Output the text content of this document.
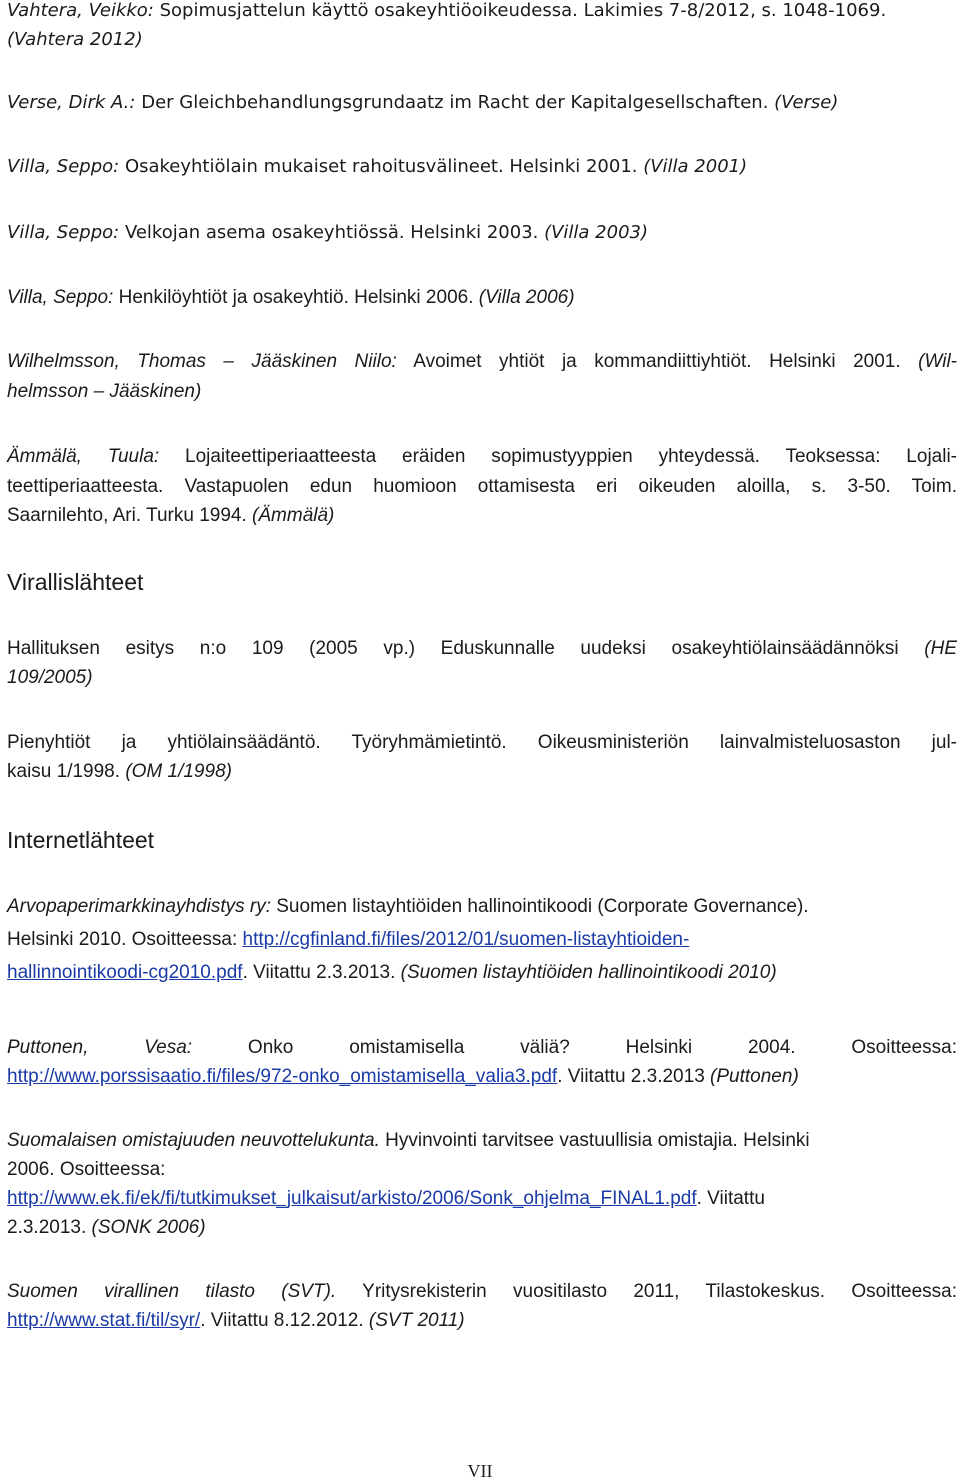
Vahtera, Veikko: Sopimusjattelun käyttö osakeyhtiöoikeudessa. Lakimies 7-8/2012, s. 1048-1069.
(Vahtera 2012)
Verse, Dirk A.: Der Gleichbehandlungsgrundaatz im Racht der Kapitalgesellschaften. (Verse)
Villa, Seppo: Osakeyhtiölain mukaiset rahoitusvälineet. Helsinki 2001. (Villa 2001)
Villa, Seppo: Velkojan asema osakeyhtiössä. Helsinki 2003. (Villa 2003)
Villa, Seppo: Henkilöyhtiöt ja osakeyhtiö. Helsinki 2006. (Villa 2006)
Wilhelmsson, Thomas – Jääskinen Niilo: Avoimet yhtiöt ja kommandiittiyhtiöt. Helsinki 2001. (Wil-
helmsson – Jääskinen)
Ämmälä, Tuula: Lojaiteettiperiaatteesta eräiden sopimustyyppien yhteydessä. Teoksessa: Lojali-
teettiperiaatteesta. Vastapuolen edun huomioon ottamisesta eri oikeuden aloilla, s. 3-50. Toim.
Saarnilehto, Ari. Turku 1994. (Ämmälä)
Virallislähteet
Hallituksen esitys n:o 109 (2005 vp.) Eduskunnalle uudeksi osakeyhtiölainsäädännöksi (HE
109/2005)
Pienyhtiöt ja yhtiölainsäädäntö. Työryhmämietintö. Oikeusministeriön lainvalmisteluosaston jul-
kaisu 1/1998. (OM 1/1998)
Internetlähteet
Arvopaperimarkkinayhdistys ry: Suomen listayhtiöiden hallinointikoodi (Corporate Governance).
Helsinki 2010. Osoitteessa: http://cgfinland.fi/files/2012/01/suomen-listayhtioiden-
hallinnointikoodi-cg2010.pdf. Viitattu 2.3.2013. (Suomen listayhtiöiden hallinointikoodi 2010)
Puttonen, Vesa: Onko omistamisella väliä? Helsinki 2004. Osoitteessa:
http://www.porssisaatio.fi/files/972-onko_omistamisella_valia3.pdf. Viitattu 2.3.2013 (Puttonen)
Suomalaisen omistajuuden neuvottelukunta. Hyvinvointi tarvitsee vastuullisia omistajia. Helsinki
2006. Osoitteessa:
http://www.ek.fi/ek/fi/tutkimukset_julkaisut/arkisto/2006/Sonk_ohjelma_FINAL1.pdf. Viitattu
2.3.2013. (SONK 2006)
Suomen virallinen tilasto (SVT). Yritysrekisterin vuositilasto 2011, Tilastokeskus. Osoitteessa:
http://www.stat.fi/til/syr/. Viitattu 8.12.2012. (SVT 2011)
VII
